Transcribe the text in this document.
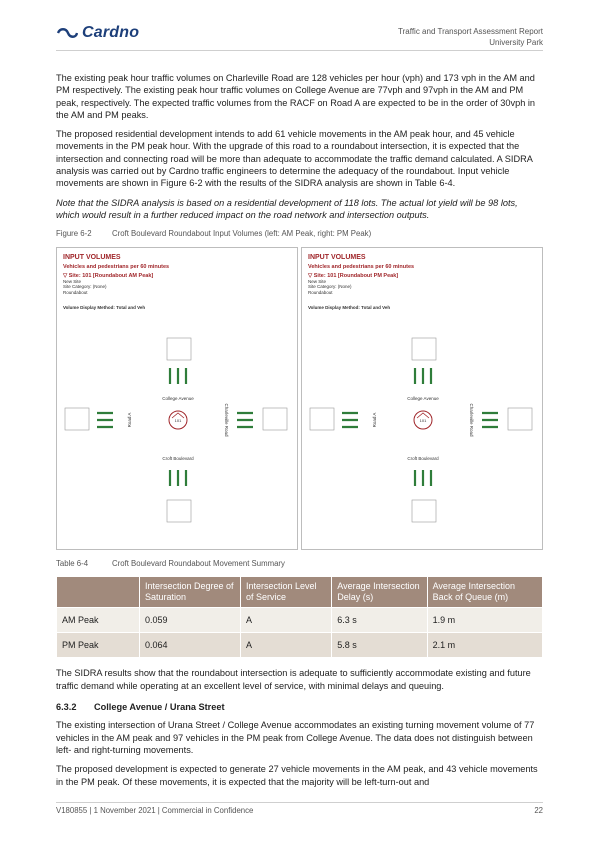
Cardno	Traffic and Transport Assessment Report
University Park

The existing peak hour traffic volumes on Charleville Road are 128 vehicles per hour (vph) and 173 vph in the AM and PM respectively. The existing peak hour traffic volumes on College Avenue are 77vph and 97vph in the AM and PM peak, respectively. The expected traffic volumes from the RACF on Road A are expected to be in the order of 30vph in the AM and PM peaks.

The proposed residential development intends to add 61 vehicle movements in the AM peak hour, and 45 vehicle movements in the PM peak hour. With the upgrade of this road to a roundabout intersection, it is expected that the intersection and connecting road will be more than adequate to accommodate the traffic demand calculated. A SIDRA analysis was carried out by Cardno traffic engineers to determine the adequacy of the roundabout. Input vehicle movements are shown in Figure 6-2 with the results of the SIDRA analysis are shown in Table 6-4.

Note that the SIDRA analysis is based on a residential development of 118 lots. The actual lot yield will be 98 lots, which would result in a further reduced impact on the road network and intersection outputs.

Figure 6-2	Croft Boulevard Roundabout Input Volumes (left: AM Peak, right: PM Peak)
INPUT VOLUMES
Vehicles and pedestrians per 60 minutes
▽ Site: 101 [Roundabout AM Peak]
New Site
Site Category: (None)
Roundabout
Volume Display Method: Total and Veh
101
College Avenue
Croft Boulevard
Road A	Charleville Road
INPUT VOLUMES
Vehicles and pedestrians per 60 minutes
▽ Site: 101 [Roundabout PM Peak]
New Site
Site Category: (None)
Roundabout
Volume Display Method: Total and Veh
101
College Avenue
Croft Boulevard
Road A	Charleville Road
Table 6-4	Croft Boulevard Roundabout Movement Summary
	Intersection Degree of Saturation	Intersection Level of Service	Average Intersection Delay (s)	Average Intersection Back of Queue (m)
AM Peak	0.059	A	6.3 s	1.9 m
PM Peak	0.064	A	5.8 s	2.1 m

The SIDRA results show that the roundabout intersection is adequate to sufficiently accommodate existing and future traffic demand while operating at an excellent level of service, with minimal delays and queuing.

6.3.2	College Avenue / Urana Street

The existing intersection of Urana Street / College Avenue accommodates an existing turning movement volume of 77 vehicles in the AM peak and 97 vehicles in the PM peak from College Avenue. The data does not distinguish between left- and right-turning movements.

The proposed development is expected to generate 27 vehicle movements in the AM peak, and 43 vehicle movements in the PM peak. Of these movements, it is expected that the majority will be left-turn-out and

V180855 | 1 November 2021 | Commercial in Confidence	22
